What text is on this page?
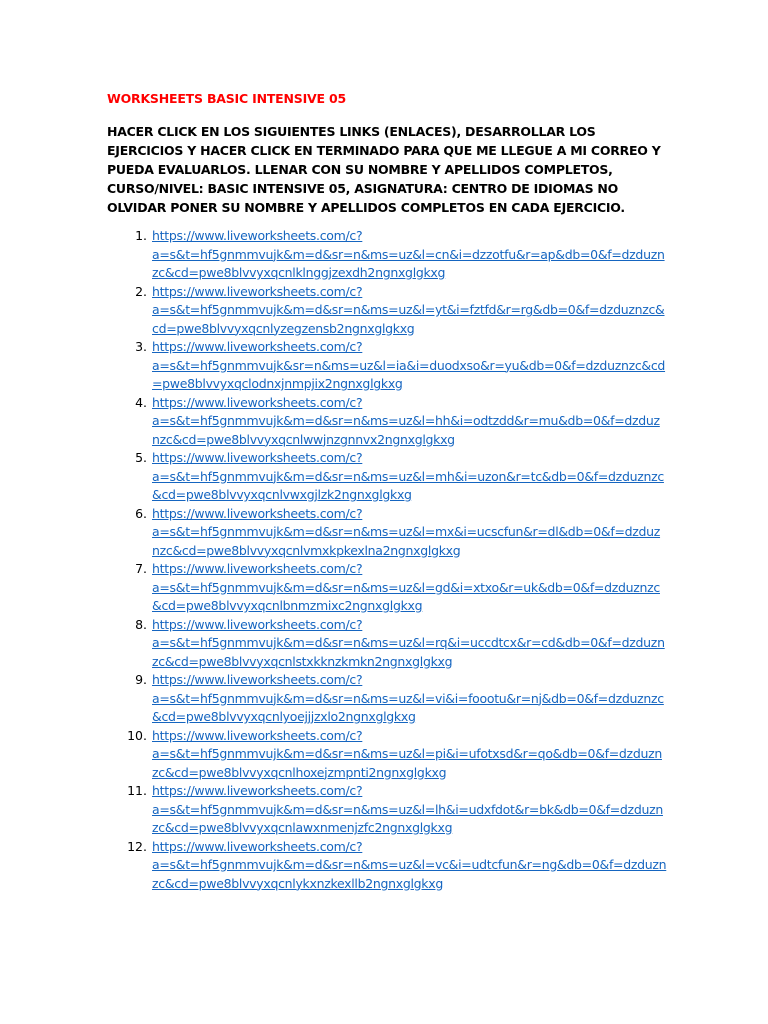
WORKSHEETS BASIC INTENSIVE 05
HACER CLICK EN LOS SIGUIENTES LINKS (ENLACES), DESARROLLAR LOS EJERCICIOS Y HACER CLICK EN TERMINADO PARA QUE ME LLEGUE A MI CORREO Y PUEDA EVALUARLOS. LLENAR CON SU NOMBRE Y APELLIDOS COMPLETOS, CURSO/NIVEL: BASIC INTENSIVE 05, ASIGNATURA: CENTRO DE IDIOMAS NO OLVIDAR PONER SU NOMBRE Y APELLIDOS COMPLETOS EN CADA EJERCICIO.
1. https://www.liveworksheets.com/c?
a=s&t=hf5gnmmvujk&m=d&sr=n&ms=uz&l=cn&i=dzzotfu&r=ap&db=0&f=dzduznzc&cd=pwe8blvvyxqcnlklnggjzexdh2ngnxglgkxg
2. https://www.liveworksheets.com/c?
a=s&t=hf5gnmmvujk&m=d&sr=n&ms=uz&l=yt&i=fztfd&r=rg&db=0&f=dzduznzc&cd=pwe8blvvyxqcnlyzegzensb2ngnxglgkxg
3. https://www.liveworksheets.com/c?
a=s&t=hf5gnmmvujk&sr=n&ms=uz&l=ia&i=duodxso&r=yu&db=0&f=dzduznzc&cd=pwe8blvvyxqclodnxjnmpjix2ngnxglgkxg
4. https://www.liveworksheets.com/c?
a=s&t=hf5gnmmvujk&m=d&sr=n&ms=uz&l=hh&i=odtzdd&r=mu&db=0&f=dzduznzc&cd=pwe8blvvyxqcnlwwjnzgnnvx2ngnxglgkxg
5. https://www.liveworksheets.com/c?
a=s&t=hf5gnmmvujk&m=d&sr=n&ms=uz&l=mh&i=uzon&r=tc&db=0&f=dzduznzc&cd=pwe8blvvyxqcnlvwxgjlzk2ngnxglgkxg
6. https://www.liveworksheets.com/c?
a=s&t=hf5gnmmvujk&m=d&sr=n&ms=uz&l=mx&i=ucscfun&r=dl&db=0&f=dzduznzc&cd=pwe8blvvyxqcnlvmxkpkexlna2ngnxglgkxg
7. https://www.liveworksheets.com/c?
a=s&t=hf5gnmmvujk&m=d&sr=n&ms=uz&l=gd&i=xtxo&r=uk&db=0&f=dzduznzc&cd=pwe8blvvyxqcnlbnmzmixc2ngnxglgkxg
8. https://www.liveworksheets.com/c?
a=s&t=hf5gnmmvujk&m=d&sr=n&ms=uz&l=rq&i=uccdtcx&r=cd&db=0&f=dzduznzc&cd=pwe8blvvyxqcnlstxkknzkmkn2ngnxglgkxg
9. https://www.liveworksheets.com/c?
a=s&t=hf5gnmmvujk&m=d&sr=n&ms=uz&l=vi&i=foootu&r=nj&db=0&f=dzduznzc&cd=pwe8blvvyxqcnlyoejjjzxlo2ngnxglgkxg
10. https://www.liveworksheets.com/c?
a=s&t=hf5gnmmvujk&m=d&sr=n&ms=uz&l=pi&i=ufotxsd&r=qo&db=0&f=dzduznzc&cd=pwe8blvvyxqcnlhoxejzmpnti2ngnxglgkxg
11. https://www.liveworksheets.com/c?
a=s&t=hf5gnmmvujk&m=d&sr=n&ms=uz&l=lh&i=udxfdot&r=bk&db=0&f=dzduznzc&cd=pwe8blvvyxqcnlawxnmenjzfc2ngnxglgkxg
12. https://www.liveworksheets.com/c?
a=s&t=hf5gnmmvujk&m=d&sr=n&ms=uz&l=vc&i=udtcfun&r=ng&db=0&f=dzduznzc&cd=pwe8blvvyxqcnlykxnzkexllb2ngnxglgkxg
